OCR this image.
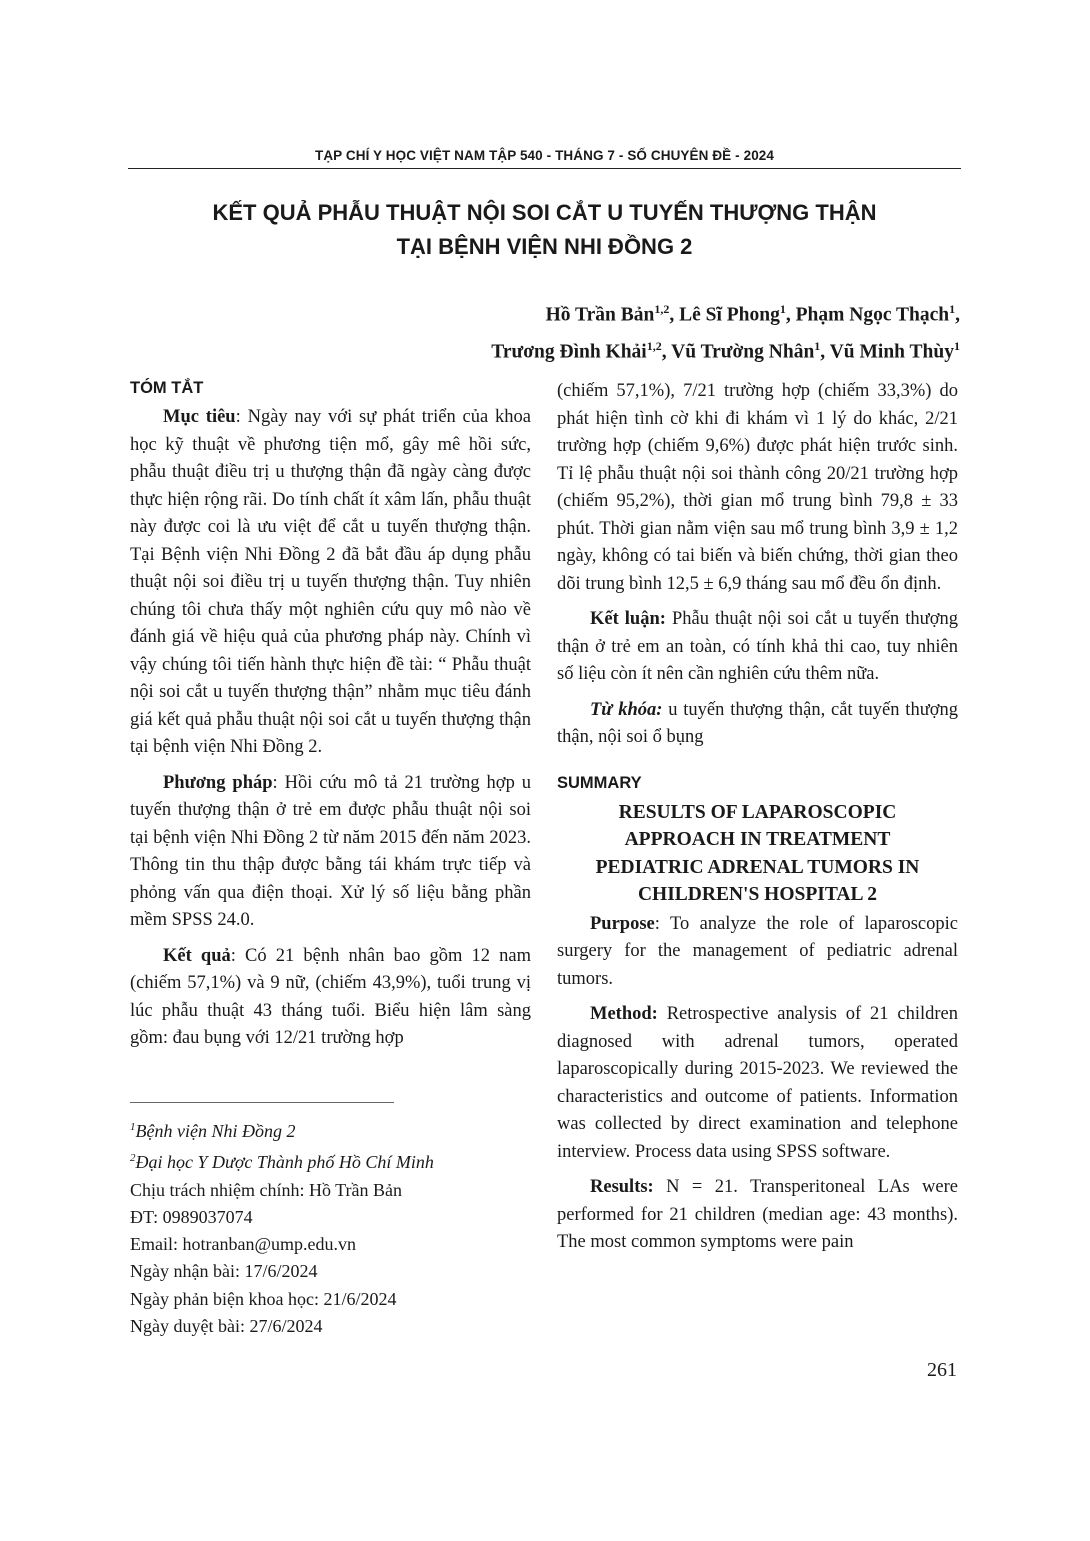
TẠP CHÍ Y HỌC VIỆT NAM TẬP 540 - THÁNG 7 - SỐ CHUYÊN ĐỀ - 2024
KẾT QUẢ PHẪU THUẬT NỘI SOI CẮT U TUYẾN THƯỢNG THẬN
TẠI BỆNH VIỆN NHI ĐỒNG 2
Hồ Trần Bản$^{1,2}$, Lê Sĩ Phong$^1$, Phạm Ngọc Thạch$^1$,
Trương Đình Khải$^{1,2}$, Vũ Trường Nhân$^1$, Vũ Minh Thùy$^1$
TÓM TẮT

Mục tiêu: Ngày nay với sự phát triển của khoa học kỹ thuật về phương tiện mổ, gây mê hồi sức, phẫu thuật điều trị u thượng thận đã ngày càng được thực hiện rộng rãi. Do tính chất ít xâm lấn, phẫu thuật này được coi là ưu việt để cắt u tuyến thượng thận. Tại Bệnh viện Nhi Đồng 2 đã bắt đầu áp dụng phẫu thuật nội soi điều trị u tuyến thượng thận. Tuy nhiên chúng tôi chưa thấy một nghiên cứu quy mô nào về đánh giá về hiệu quả của phương pháp này. Chính vì vậy chúng tôi tiến hành thực hiện đề tài: “ Phẫu thuật nội soi cắt u tuyến thượng thận” nhằm mục tiêu đánh giá kết quả phẫu thuật nội soi cắt u tuyến thượng thận tại bệnh viện Nhi Đồng 2.

Phương pháp: Hồi cứu mô tả 21 trường hợp u tuyến thượng thận ở trẻ em được phẫu thuật nội soi tại bệnh viện Nhi Đồng 2 từ năm 2015 đến năm 2023. Thông tin thu thập được bằng tái khám trực tiếp và phỏng vấn qua điện thoại. Xử lý số liệu bằng phần mềm SPSS 24.0.

Kết quả: Có 21 bệnh nhân bao gồm 12 nam (chiếm 57,1%) và 9 nữ, (chiếm 43,9%), tuổi trung vị lúc phẫu thuật 43 tháng tuổi. Biểu hiện lâm sàng gồm: đau bụng với 12/21 trường hợp

$^1$Bệnh viện Nhi Đồng 2
$^2$Đại học Y Dược Thành phố Hồ Chí Minh
Chịu trách nhiệm chính: Hồ Trần Bản
ĐT: 0989037074
Email: hotranban@ump.edu.vn
Ngày nhận bài: 17/6/2024
Ngày phản biện khoa học: 21/6/2024
Ngày duyệt bài: 27/6/2024

(chiếm 57,1%), 7/21 trường hợp (chiếm 33,3%) do phát hiện tình cờ khi đi khám vì 1 lý do khác, 2/21 trường hợp (chiếm 9,6%) được phát hiện trước sinh. Tỉ lệ phẫu thuật nội soi thành công 20/21 trường hợp (chiếm 95,2%), thời gian mổ trung bình 79,8 ± 33 phút. Thời gian nằm viện sau mổ trung bình 3,9 ± 1,2 ngày, không có tai biến và biến chứng, thời gian theo dõi trung bình 12,5 ± 6,9 tháng sau mổ đều ổn định.

Kết luận: Phẫu thuật nội soi cắt u tuyến thượng thận ở trẻ em an toàn, có tính khả thi cao, tuy nhiên số liệu còn ít nên cần nghiên cứu thêm nữa.

Từ khóa: u tuyến thượng thận, cắt tuyến thượng thận, nội soi ổ bụng

SUMMARY
RESULTS OF LAPAROSCOPIC
APPROACH IN TREATMENT
PEDIATRIC ADRENAL TUMORS IN
CHILDREN'S HOSPITAL 2

Purpose: To analyze the role of laparoscopic surgery for the management of pediatric adrenal tumors.

Method: Retrospective analysis of 21 children diagnosed with adrenal tumors, operated laparoscopically during 2015-2023. We reviewed the characteristics and outcome of patients. Information was collected by direct examination and telephone interview. Process data using SPSS software.

Results: N = 21. Transperitoneal LAs were performed for 21 children (median age: 43 months). The most common symptoms were pain

261
